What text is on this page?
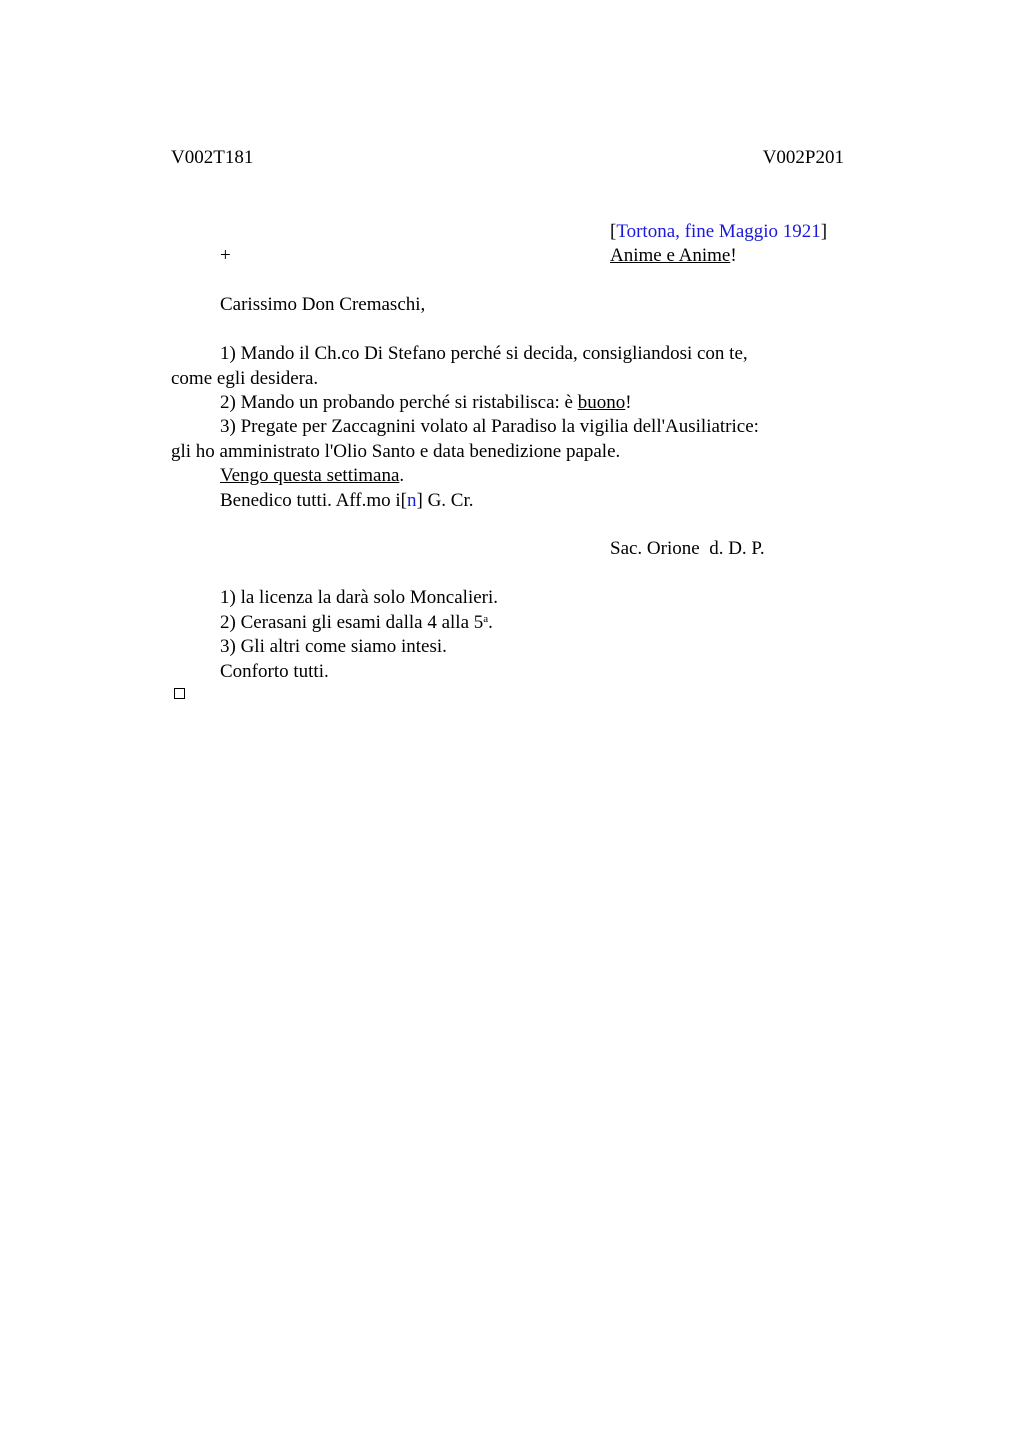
V002T181	V002P201
[Tortona, fine Maggio 1921]
+	Anime e Anime!
Carissimo Don Cremaschi,
1) Mando il Ch.co Di Stefano perché si decida, consigliandosi con te,
come egli desidera.
2) Mando un probando perché si ristabilisca: è buono!
3) Pregate per Zaccagnini volato al Paradiso la vigilia dell'Ausiliatrice:
gli ho amministrato l'Olio Santo e data benedizione papale.
Vengo questa settimana.
Benedico tutti. Aff.mo i[n] G. Cr.
Sac. Orione  d. D. P.
1) la licenza la darà solo Moncalieri.
2) Cerasani gli esami dalla 4 alla 5$^a$.
3) Gli altri come siamo intesi.
Conforto tutti.
